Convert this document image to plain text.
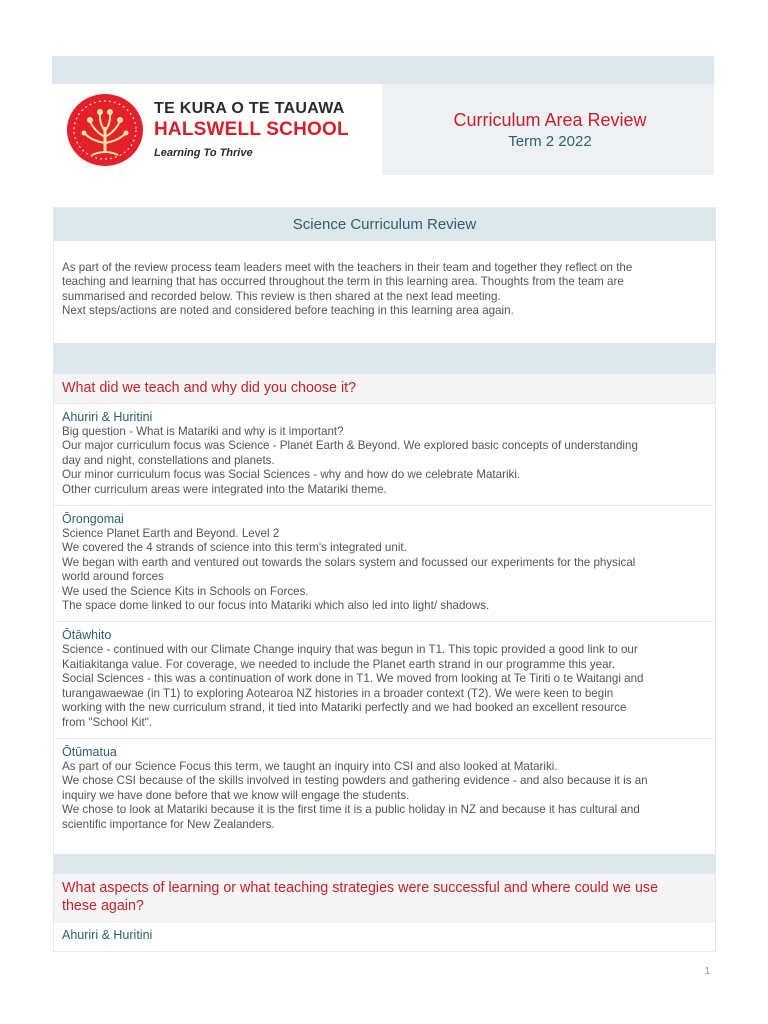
TE KURA O TE TAUAWA
HALSWELL SCHOOL
Learning To Thrive
Curriculum Area Review
Term 2 2022
Science Curriculum Review
As part of the review process team leaders meet with the teachers in their team and together they reflect on the
teaching and learning that has occurred throughout the term in this learning area. Thoughts from the team are
summarised and recorded below. This review is then shared at the next lead meeting.
Next steps/actions are noted and considered before teaching in this learning area again.
What did we teach and why did you choose it?
Ahuriri & Huritini
Big question - What is Matariki and why is it important?
Our major curriculum focus was Science - Planet Earth & Beyond. We explored basic concepts of understanding
day and night, constellations and planets.
Our minor curriculum focus was Social Sciences - why and how do we celebrate Matariki.
Other curriculum areas were integrated into the Matariki theme.
Ōrongomai
Science Planet Earth and Beyond. Level 2
We covered the 4 strands of science into this term's integrated unit.
We began with earth and ventured out towards the solars system and focussed our experiments for the physical
world around forces
We used the Science Kits in Schools on Forces.
The space dome linked to our focus into Matariki which also led into light/ shadows.
Ōtāwhito
Science - continued with our Climate Change inquiry that was begun in T1. This topic provided a good link to our
Kaitiakitanga value. For coverage, we needed to include the Planet earth strand in our programme this year.
Social Sciences - this was a continuation of work done in T1. We moved from looking at Te Tiriti o te Waitangi and
turangawaewae (in T1) to exploring Aotearoa NZ histories in a broader context (T2). We were keen to begin
working with the new curriculum strand, it tied into Matariki perfectly and we had booked an excellent resource
from "School Kit".
Ōtūmatua
As part of our Science Focus this term, we taught an inquiry into CSI and also looked at Matariki.
We chose CSI because of the skills involved in testing powders and gathering evidence - and also because it is an
inquiry we have done before that we know will engage the students.
We chose to look at Matariki because it is the first time it is a public holiday in NZ and because it has cultural and
scientific importance for New Zealanders.
What aspects of learning or what teaching strategies were successful and where could we use
these again?
Ahuriri & Huritini
1
